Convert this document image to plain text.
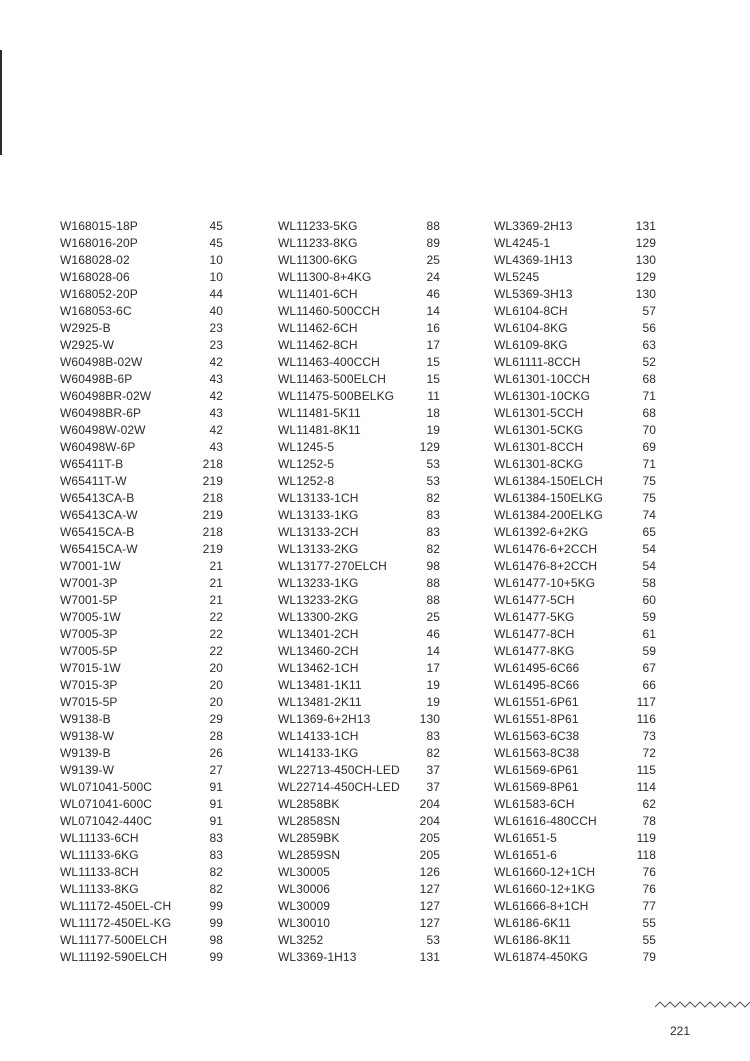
W168015-18P	45
W168016-20P	45
W168028-02	10
W168028-06	10
W168052-20P	44
W168053-6C	40
W2925-B	23
W2925-W	23
W60498B-02W	42
W60498B-6P	43
W60498BR-02W	42
W60498BR-6P	43
W60498W-02W	42
W60498W-6P	43
W65411T-B	218
W65411T-W	219
W65413CA-B	218
W65413CA-W	219
W65415CA-B	218
W65415CA-W	219
W7001-1W	21
W7001-3P	21
W7001-5P	21
W7005-1W	22
W7005-3P	22
W7005-5P	22
W7015-1W	20
W7015-3P	20
W7015-5P	20
W9138-B	29
W9138-W	28
W9139-B	26
W9139-W	27
WL071041-500C	91
WL071041-600C	91
WL071042-440C	91
WL11133-6CH	83
WL11133-6KG	83
WL11133-8CH	82
WL11133-8KG	82
WL11172-450EL-CH	99
WL11172-450EL-KG	99
WL11177-500ELCH	98
WL11192-590ELCH	99
WL11233-5KG	88
WL11233-8KG	89
WL11300-6KG	25
WL11300-8+4KG	24
WL11401-6CH	46
WL11460-500CCH	14
WL11462-6CH	16
WL11462-8CH	17
WL11463-400CCH	15
WL11463-500ELCH	15
WL11475-500BELKG	11
WL11481-5K11	18
WL11481-8K11	19
WL1245-5	129
WL1252-5	53
WL1252-8	53
WL13133-1CH	82
WL13133-1KG	83
WL13133-2CH	83
WL13133-2KG	82
WL13177-270ELCH	98
WL13233-1KG	88
WL13233-2KG	88
WL13300-2KG	25
WL13401-2CH	46
WL13460-2CH	14
WL13462-1CH	17
WL13481-1K11	19
WL13481-2K11	19
WL1369-6+2H13	130
WL14133-1CH	83
WL14133-1KG	82
WL22713-450CH-LED	37
WL22714-450CH-LED	37
WL2858BK	204
WL2858SN	204
WL2859BK	205
WL2859SN	205
WL30005	126
WL30006	127
WL30009	127
WL30010	127
WL3252	53
WL3369-1H13	131
WL3369-2H13	131
WL4245-1	129
WL4369-1H13	130
WL5245	129
WL5369-3H13	130
WL6104-8CH	57
WL6104-8KG	56
WL6109-8KG	63
WL61111-8CCH	52
WL61301-10CCH	68
WL61301-10CKG	71
WL61301-5CCH	68
WL61301-5CKG	70
WL61301-8CCH	69
WL61301-8CKG	71
WL61384-150ELCH	75
WL61384-150ELKG	75
WL61384-200ELKG	74
WL61392-6+2KG	65
WL61476-6+2CCH	54
WL61476-8+2CCH	54
WL61477-10+5KG	58
WL61477-5CH	60
WL61477-5KG	59
WL61477-8CH	61
WL61477-8KG	59
WL61495-6C66	67
WL61495-8C66	66
WL61551-6P61	117
WL61551-8P61	116
WL61563-6C38	73
WL61563-8C38	72
WL61569-6P61	115
WL61569-8P61	114
WL61583-6CH	62
WL61616-480CCH	78
WL61651-5	119
WL61651-6	118
WL61660-12+1CH	76
WL61660-12+1KG	76
WL61666-8+1CH	77
WL6186-6K11	55
WL6186-8K11	55
WL61874-450KG	79
221
